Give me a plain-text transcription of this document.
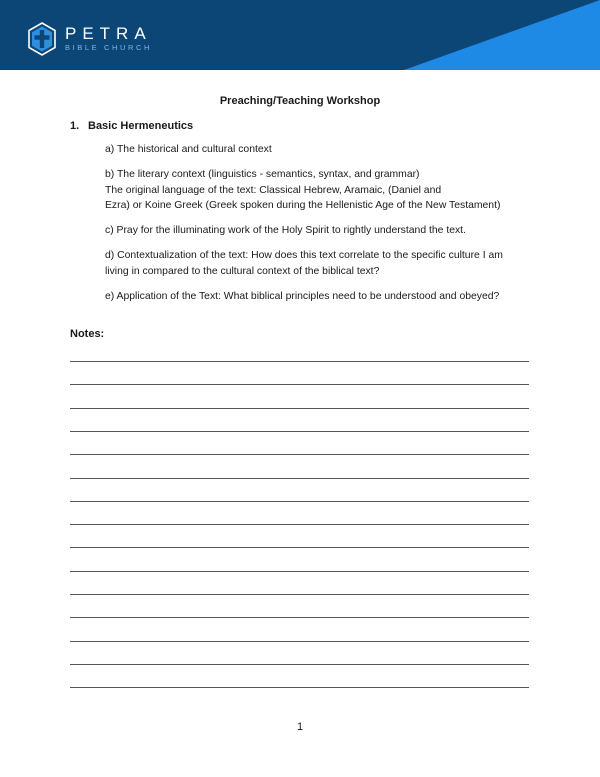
PETRA
BIBLE CHURCH
Preaching/Teaching Workshop
1. Basic Hermeneutics
a) The historical and cultural context
b) The literary context (linguistics - semantics, syntax, and grammar)
The original language of the text: Classical Hebrew, Aramaic, (Daniel and
Ezra) or Koine Greek (Greek spoken during the Hellenistic Age of the New Testament)
c) Pray for the illuminating work of the Holy Spirit to rightly understand the text.
d) Contextualization of the text: How does this text correlate to the specific culture I am
living in compared to the cultural context of the biblical text?
e) Application of the Text: What biblical principles need to be understood and obeyed?
Notes:
1
